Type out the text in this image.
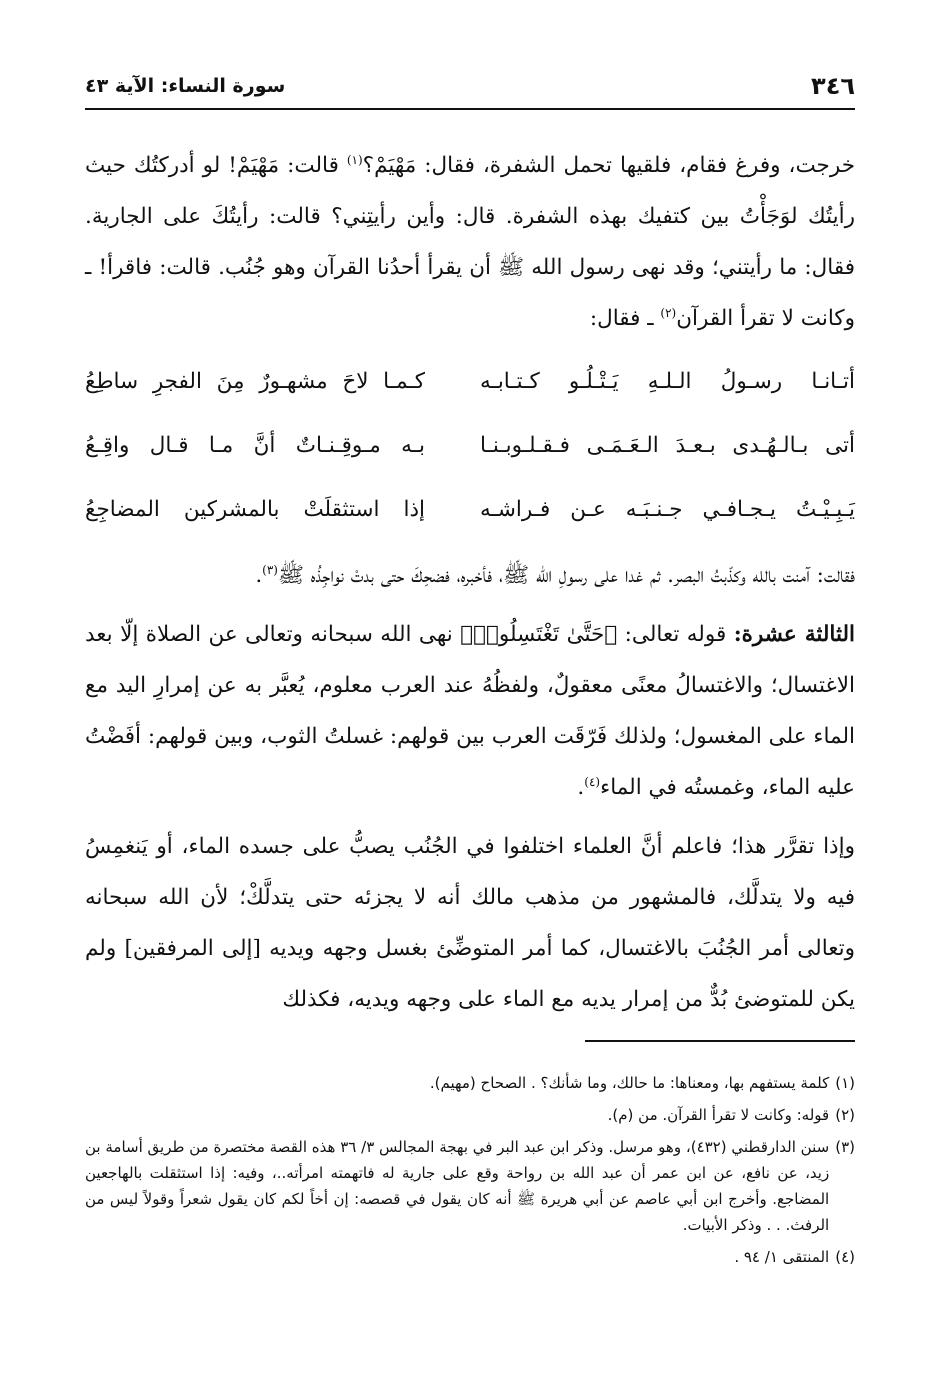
٣٤٦
سورة النساء: الآية ٤٣

خرجت، وفرغ فقام، فلقيها تحمل الشفرة، فقال: مَهْيَمْ؟$^{(١)}$ قالت: مَهْيَمْ! لو أدركتُك حيث رأيتُك لوَجَأْتُ بين كتفيك بهذه الشفرة. قال: وأين رأيتِني؟ قالت: رأيتُكَ على الجارية. فقال: ما رأيتني؛ وقد نهى رسول الله ﷺ أن يقرأ أحدُنا القرآن وهو جُنُب. قالت: فاقرأ! ـ وكانت لا تقرأ القرآن$^{(٢)}$ ـ فقال:

أتـانـا رسـولُ الـلـهِ يَـتْـلُـو كـتـابـه
كـمـا لاحَ مشهـورٌ مِنَ الفجرِ ساطِعُ
أتى بـالـهُـدى بـعـدَ الـعَـمَـى فـقـلـوبـنـا
بـه مـوقِـنـاتٌ أنَّ مـا قـال واقِـعُ
يَـبِـيْـتُ يـجـافـي جـنـبَـه عـن فـراشـه
إذا استثقلَتْ بالمشركين المضاجِعُ

فقالت: آمنت بالله وكذّبتُ البصر. ثم غدا على رسولِ الله ﷺ، فأخبره، فضحِكَ حتى بدتْ نواجِذُه ﷺ$^{(٣)}$.

الثالثة عشرة: قوله تعالى: ﴿حَتَّىٰ تَغْتَسِلُوا۟﴾ نهى الله سبحانه وتعالى عن الصلاة إلّا بعد الاغتسال؛ والاغتسالُ معنًى معقولٌ، ولفظُهُ عند العرب معلوم، يُعبَّر به عن إمرارِ اليد مع الماء على المغسول؛ ولذلك فَرّقَت العرب بين قولهم: غسلتُ الثوب، وبين قولهم: أفَضْتُ عليه الماء، وغمستُه في الماء$^{(٤)}$.

وإذا تقرَّر هذا؛ فاعلم أنَّ العلماء اختلفوا في الجُنُب يصبُّ على جسده الماء، أو يَنغمِسُ فيه ولا يتدلَّك، فالمشهور من مذهب مالك أنه لا يجزئه حتى يتدلَّكْ؛ لأن الله سبحانه وتعالى أمر الجُنُبَ بالاغتسال، كما أمر المتوضِّئ بغسل وجهه ويديه [إلى المرفقين] ولم يكن للمتوضئ بُدٌّ من إمرار يديه مع الماء على وجهه ويديه، فكذلك

(١)
كلمة يستفهم بها، ومعناها: ما حالك، وما شأنك؟ . الصحاح (مهيم).
(٢)
قوله: وكانت لا تقرأ القرآن. من (م).
(٣)
سنن الدارقطني (٤٣٢)، وهو مرسل. وذكر ابن عبد البر في بهجة المجالس ٣/ ٣٦ هذه القصة مختصرة من طريق أسامة بن زيد، عن نافع، عن ابن عمر أن عبد الله بن رواحة وقع على جارية له فاتهمته امرأته..، وفيه: إذا استثقلت بالهاجعين المضاجع. وأخرج ابن أبي عاصم عن أبي هريرة ﷺ أنه كان يقول في قصصه: إن أخاً لكم كان يقول شعراً وقولاً ليس من الرفث. . . وذكر الأبيات.
(٤)
المنتقى ١/ ٩٤ .
